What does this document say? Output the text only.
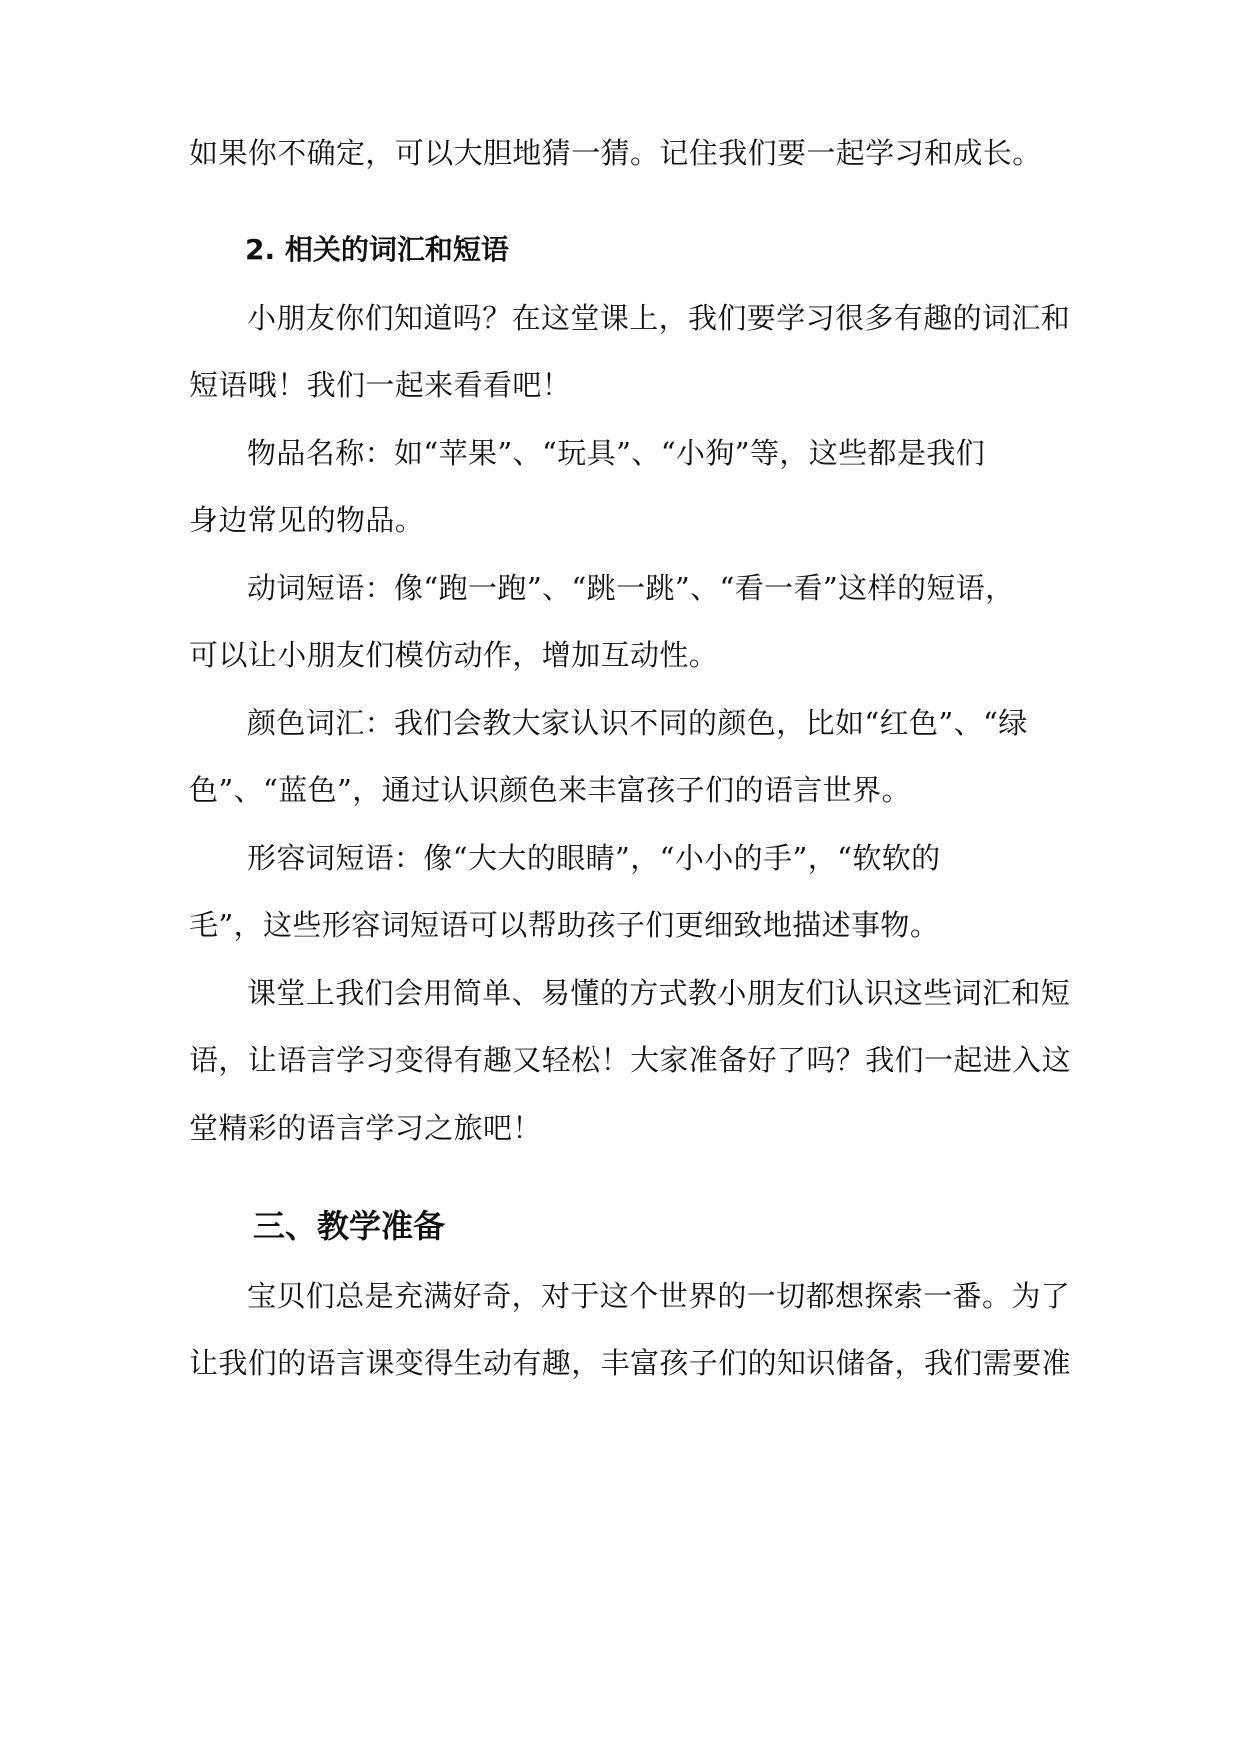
如果你不确定，可以大胆地猜一猜。记住我们要一起学习和成长。
2. 相关的词汇和短语
小朋友你们知道吗？在这堂课上，我们要学习很多有趣的词汇和
短语哦！我们一起来看看吧！
物品名称：如“苹果”、“玩具”、“小狗”等，这些都是我们
身边常见的物品。
动词短语：像“跑一跑”、“跳一跳”、“看一看”这样的短语，
可以让小朋友们模仿动作，增加互动性。
颜色词汇：我们会教大家认识不同的颜色，比如“红色”、“绿
色”、“蓝色”，通过认识颜色来丰富孩子们的语言世界。
形容词短语：像“大大的眼睛”，“小小的手”，“软软的
毛”，这些形容词短语可以帮助孩子们更细致地描述事物。
课堂上我们会用简单、易懂的方式教小朋友们认识这些词汇和短
语，让语言学习变得有趣又轻松！大家准备好了吗？我们一起进入这
堂精彩的语言学习之旅吧！
三、教学准备
宝贝们总是充满好奇，对于这个世界的一切都想探索一番。为了
让我们的语言课变得生动有趣，丰富孩子们的知识储备，我们需要准
